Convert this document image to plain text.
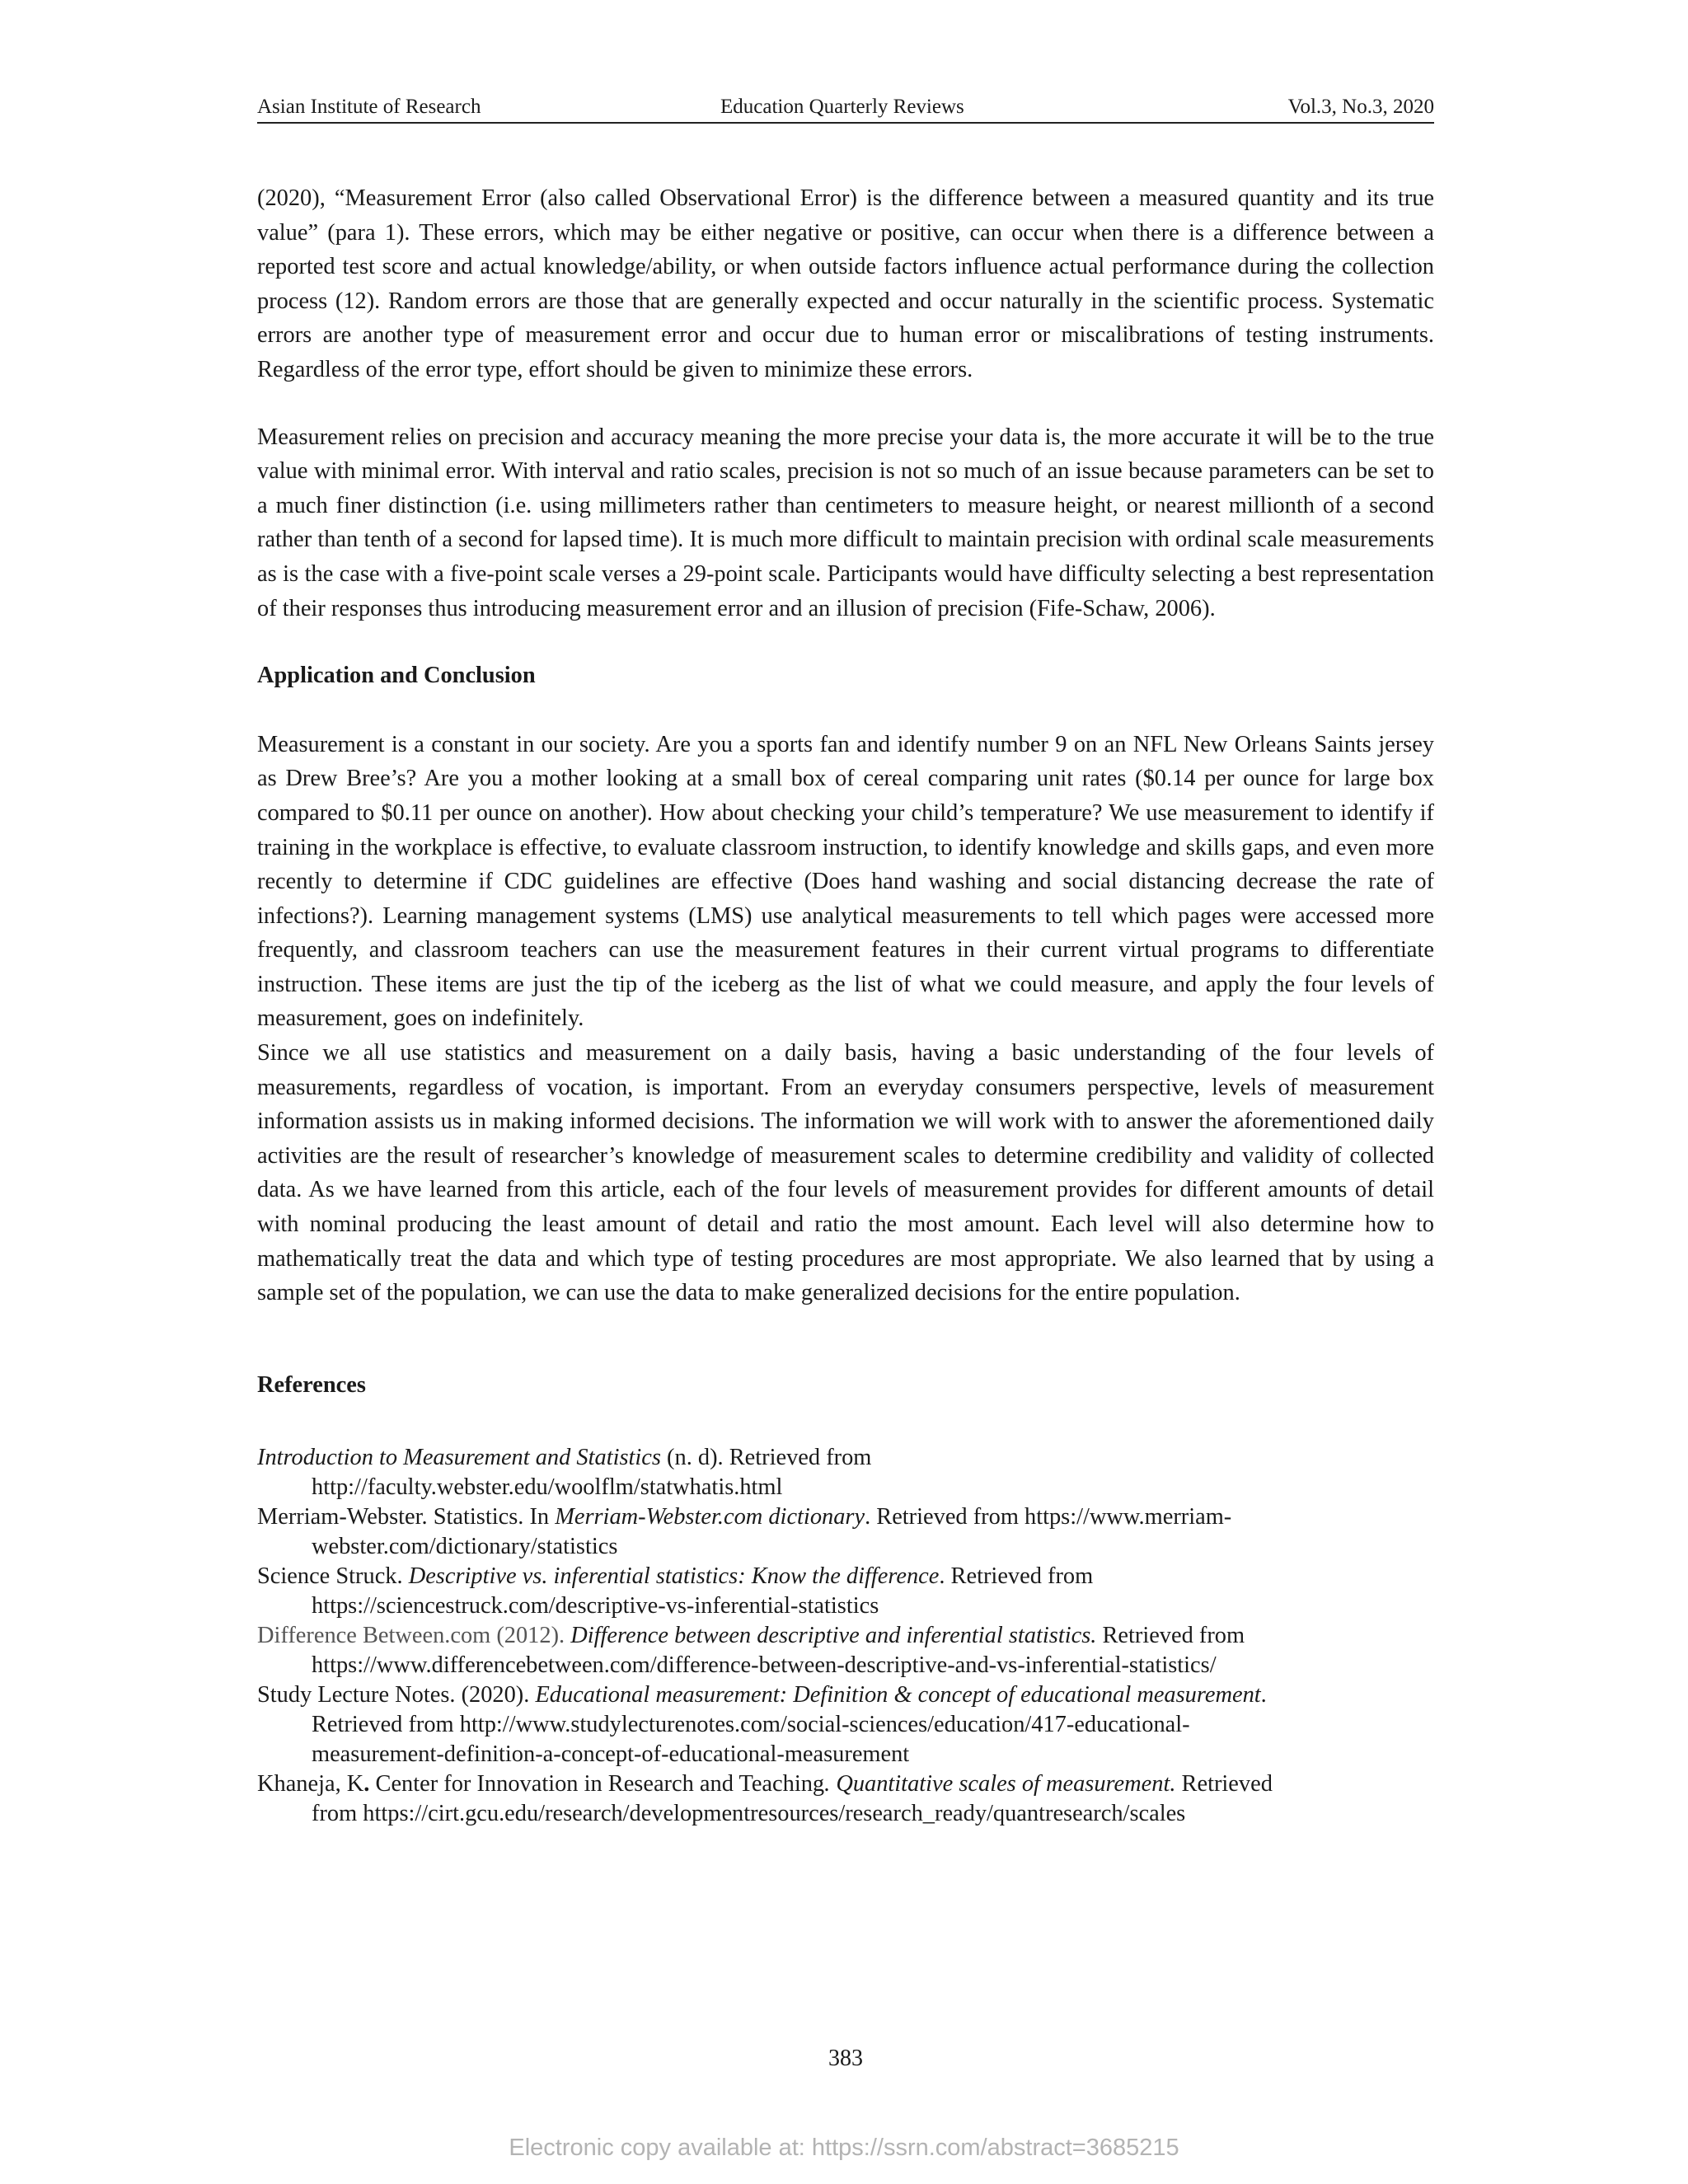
Asian Institute of Research	Education Quarterly Reviews	Vol.3, No.3, 2020

(2020), “Measurement Error (also called Observational Error) is the difference between a measured quantity and its true value” (para 1). These errors, which may be either negative or positive, can occur when there is a difference between a reported test score and actual knowledge/ability, or when outside factors influence actual performance during the collection process (12). Random errors are those that are generally expected and occur naturally in the scientific process. Systematic errors are another type of measurement error and occur due to human error or miscalibrations of testing instruments. Regardless of the error type, effort should be given to minimize these errors.

Measurement relies on precision and accuracy meaning the more precise your data is, the more accurate it will be to the true value with minimal error. With interval and ratio scales, precision is not so much of an issue because parameters can be set to a much finer distinction (i.e. using millimeters rather than centimeters to measure height, or nearest millionth of a second rather than tenth of a second for lapsed time). It is much more difficult to maintain precision with ordinal scale measurements as is the case with a five-point scale verses a 29-point scale. Participants would have difficulty selecting a best representation of their responses thus introducing measurement error and an illusion of precision (Fife-Schaw, 2006).

Application and Conclusion

Measurement is a constant in our society. Are you a sports fan and identify number 9 on an NFL New Orleans Saints jersey as Drew Bree’s? Are you a mother looking at a small box of cereal comparing unit rates ($0.14 per ounce for large box compared to $0.11 per ounce on another). How about checking your child’s temperature? We use measurement to identify if training in the workplace is effective, to evaluate classroom instruction, to identify knowledge and skills gaps, and even more recently to determine if CDC guidelines are effective (Does hand washing and social distancing decrease the rate of infections?). Learning management systems (LMS) use analytical measurements to tell which pages were accessed more frequently, and classroom teachers can use the measurement features in their current virtual programs to differentiate instruction. These items are just the tip of the iceberg as the list of what we could measure, and apply the four levels of measurement, goes on indefinitely.

Since we all use statistics and measurement on a daily basis, having a basic understanding of the four levels of measurements, regardless of vocation, is important. From an everyday consumers perspective, levels of measurement information assists us in making informed decisions. The information we will work with to answer the aforementioned daily activities are the result of researcher’s knowledge of measurement scales to determine credibility and validity of collected data. As we have learned from this article, each of the four levels of measurement provides for different amounts of detail with nominal producing the least amount of detail and ratio the most amount. Each level will also determine how to mathematically treat the data and which type of testing procedures are most appropriate. We also learned that by using a sample set of the population, we can use the data to make generalized decisions for the entire population.

References
Introduction to Measurement and Statistics (n. d). Retrieved from
http://faculty.webster.edu/woolflm/statwhatis.html
Merriam-Webster. Statistics. In Merriam-Webster.com dictionary. Retrieved from https://www.merriam-
webster.com/dictionary/statistics
Science Struck. Descriptive vs. inferential statistics: Know the difference. Retrieved from
https://sciencestruck.com/descriptive-vs-inferential-statistics
Difference Between.com (2012). Difference between descriptive and inferential statistics. Retrieved from
https://www.differencebetween.com/difference-between-descriptive-and-vs-inferential-statistics/
Study Lecture Notes. (2020). Educational measurement: Definition & concept of educational measurement.
Retrieved from http://www.studylecturenotes.com/social-sciences/education/417-educational-
measurement-definition-a-concept-of-educational-measurement
Khaneja, K. Center for Innovation in Research and Teaching. Quantitative scales of measurement. Retrieved
from https://cirt.gcu.edu/research/developmentresources/research_ready/quantresearch/scales
383
Electronic copy available at: https://ssrn.com/abstract=3685215
